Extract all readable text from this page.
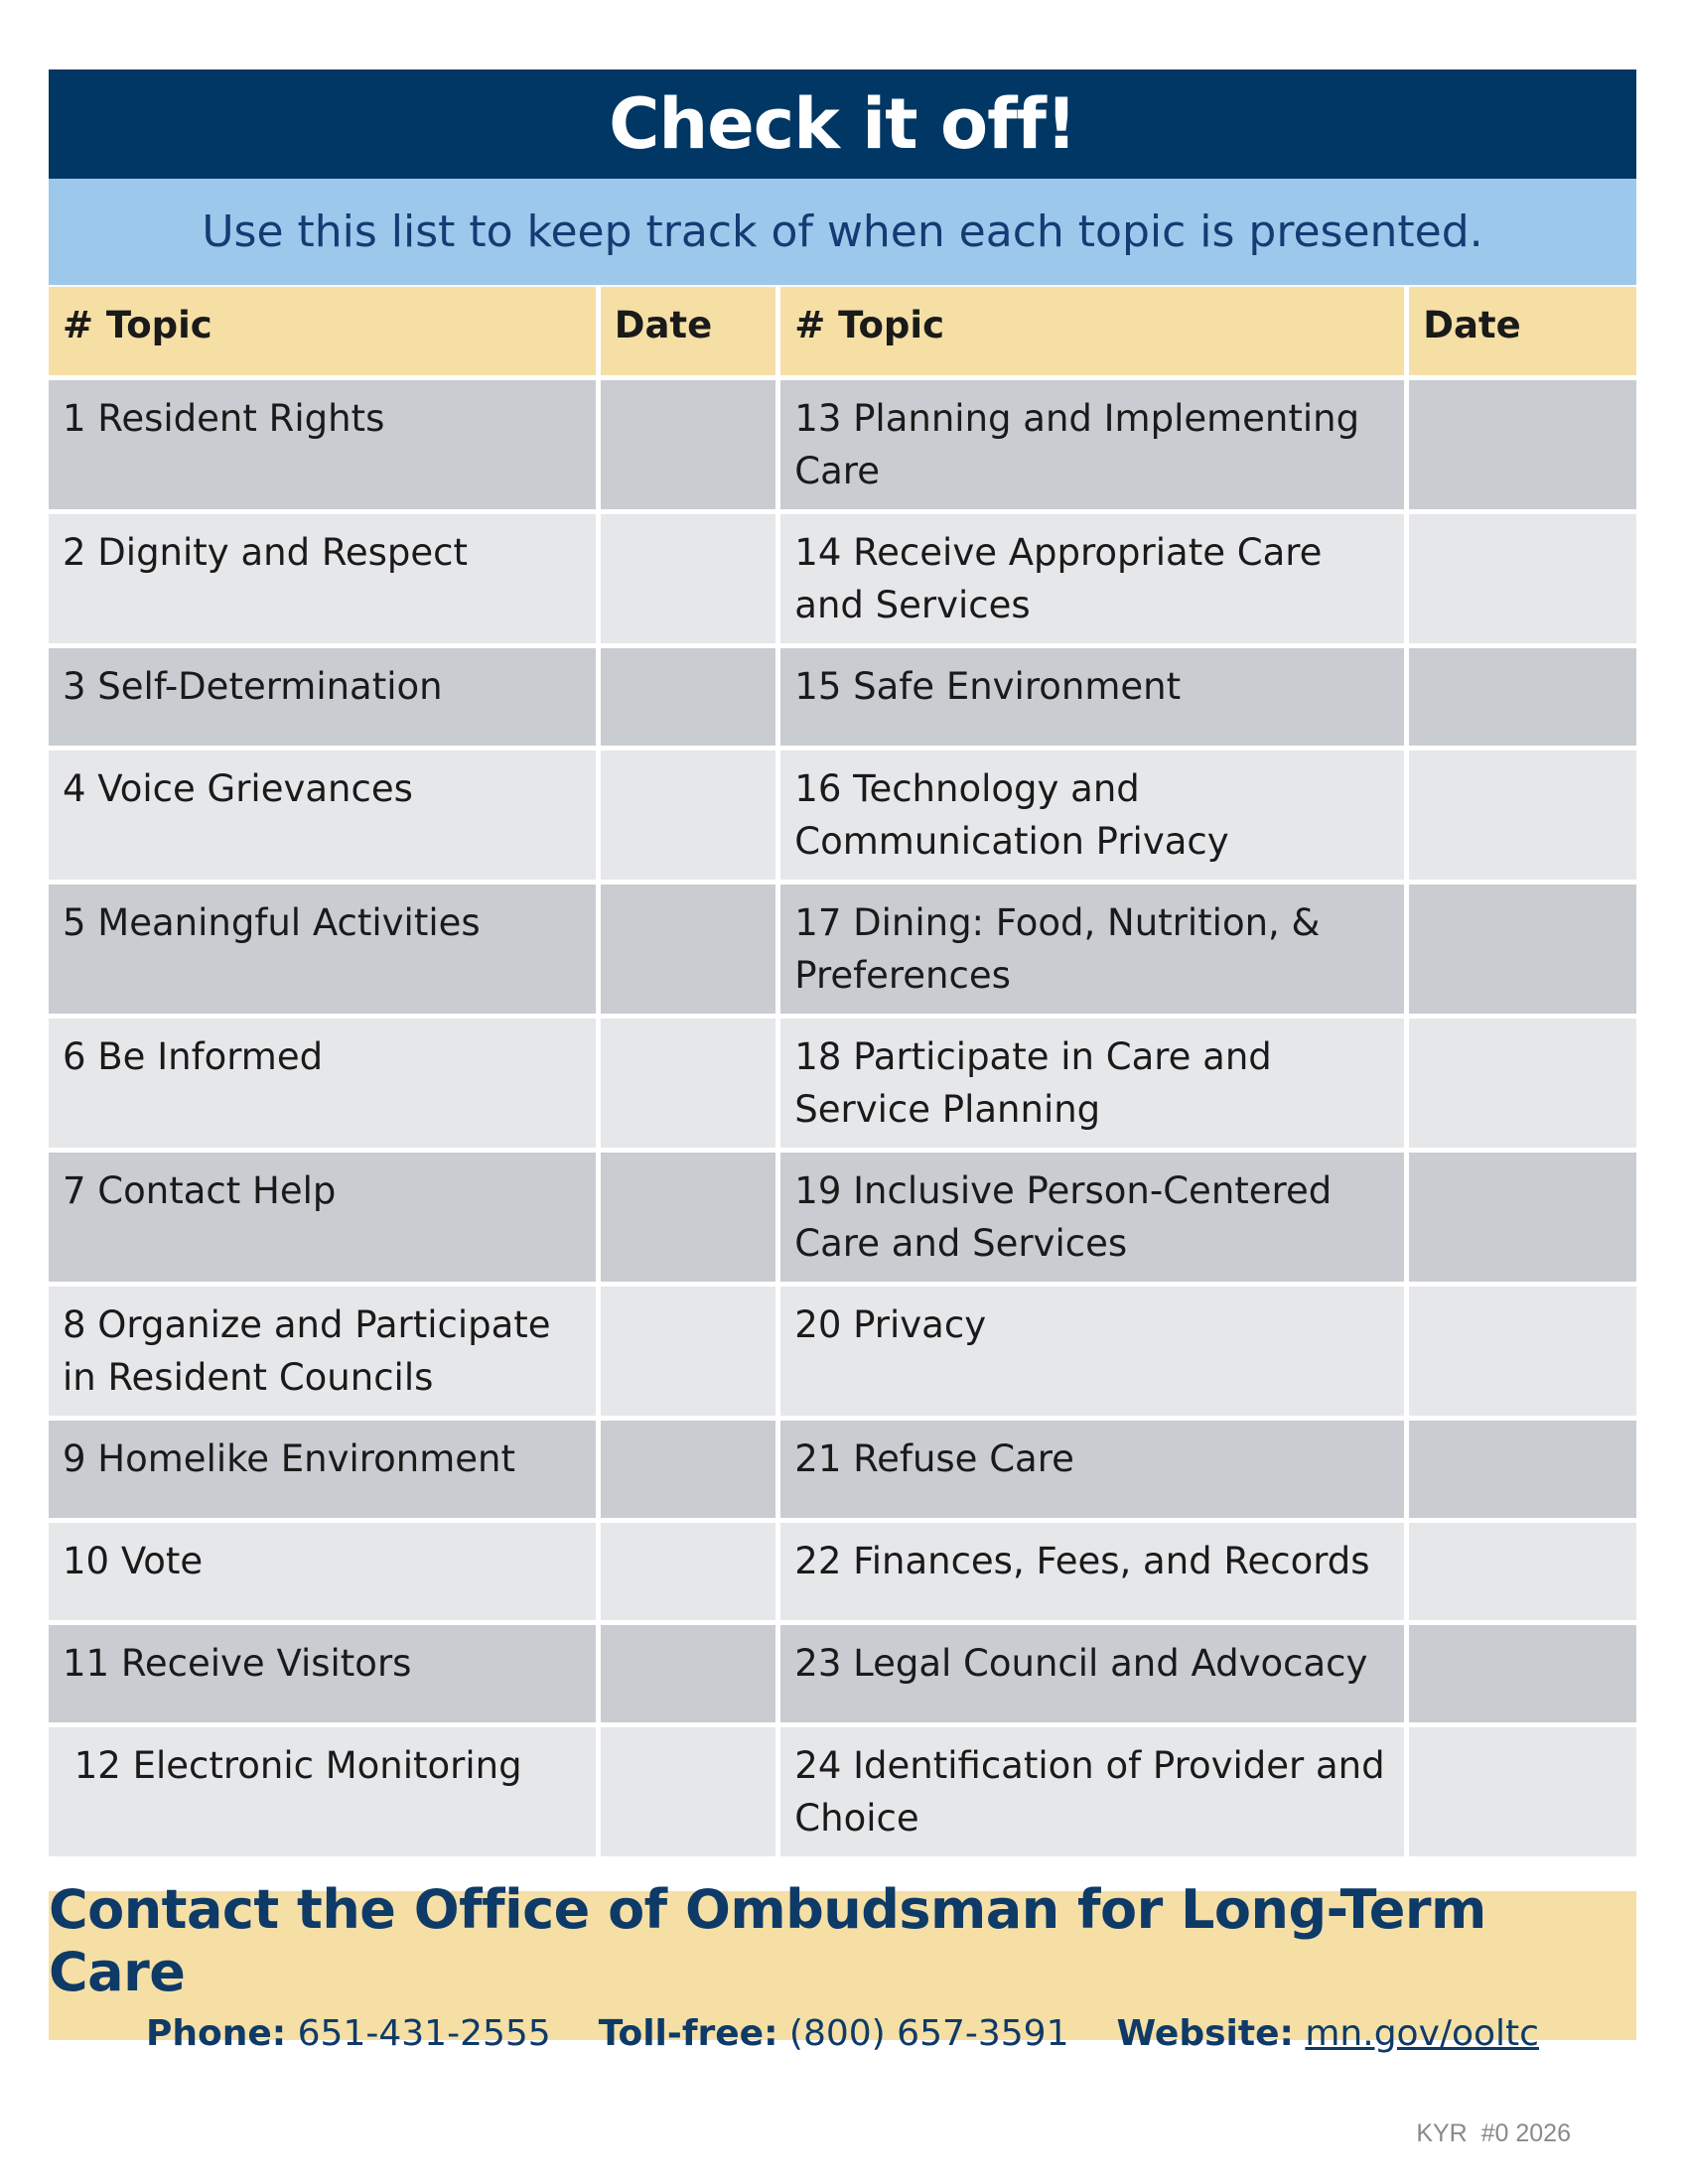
Check it off!
Use this list to keep track of when each topic is presented.
# Topic	Date	# Topic	Date
1 Resident Rights		13 Planning and Implementing Care	
2 Dignity and Respect		14 Receive Appropriate Care and Services	
3 Self-Determination		15 Safe Environment	
4 Voice Grievances		16 Technology and Communication Privacy	
5 Meaningful Activities		17 Dining: Food, Nutrition, & Preferences	
6 Be Informed		18 Participate in Care and Service Planning	
7 Contact Help		19 Inclusive Person-Centered Care and Services	
8 Organize and Participate in Resident Councils		20 Privacy	
9 Homelike Environment		21 Refuse Care	
10 Vote		22 Finances, Fees, and Records	
11 Receive Visitors		23 Legal Council and Advocacy	
12 Electronic Monitoring		24 Identification of Provider and Choice	
Contact the Office of Ombudsman for Long-Term Care
Phone: 651-431-2555 Toll-free: (800) 657-3591 Website: mn.gov/ooltc
KYR  #0 2026
